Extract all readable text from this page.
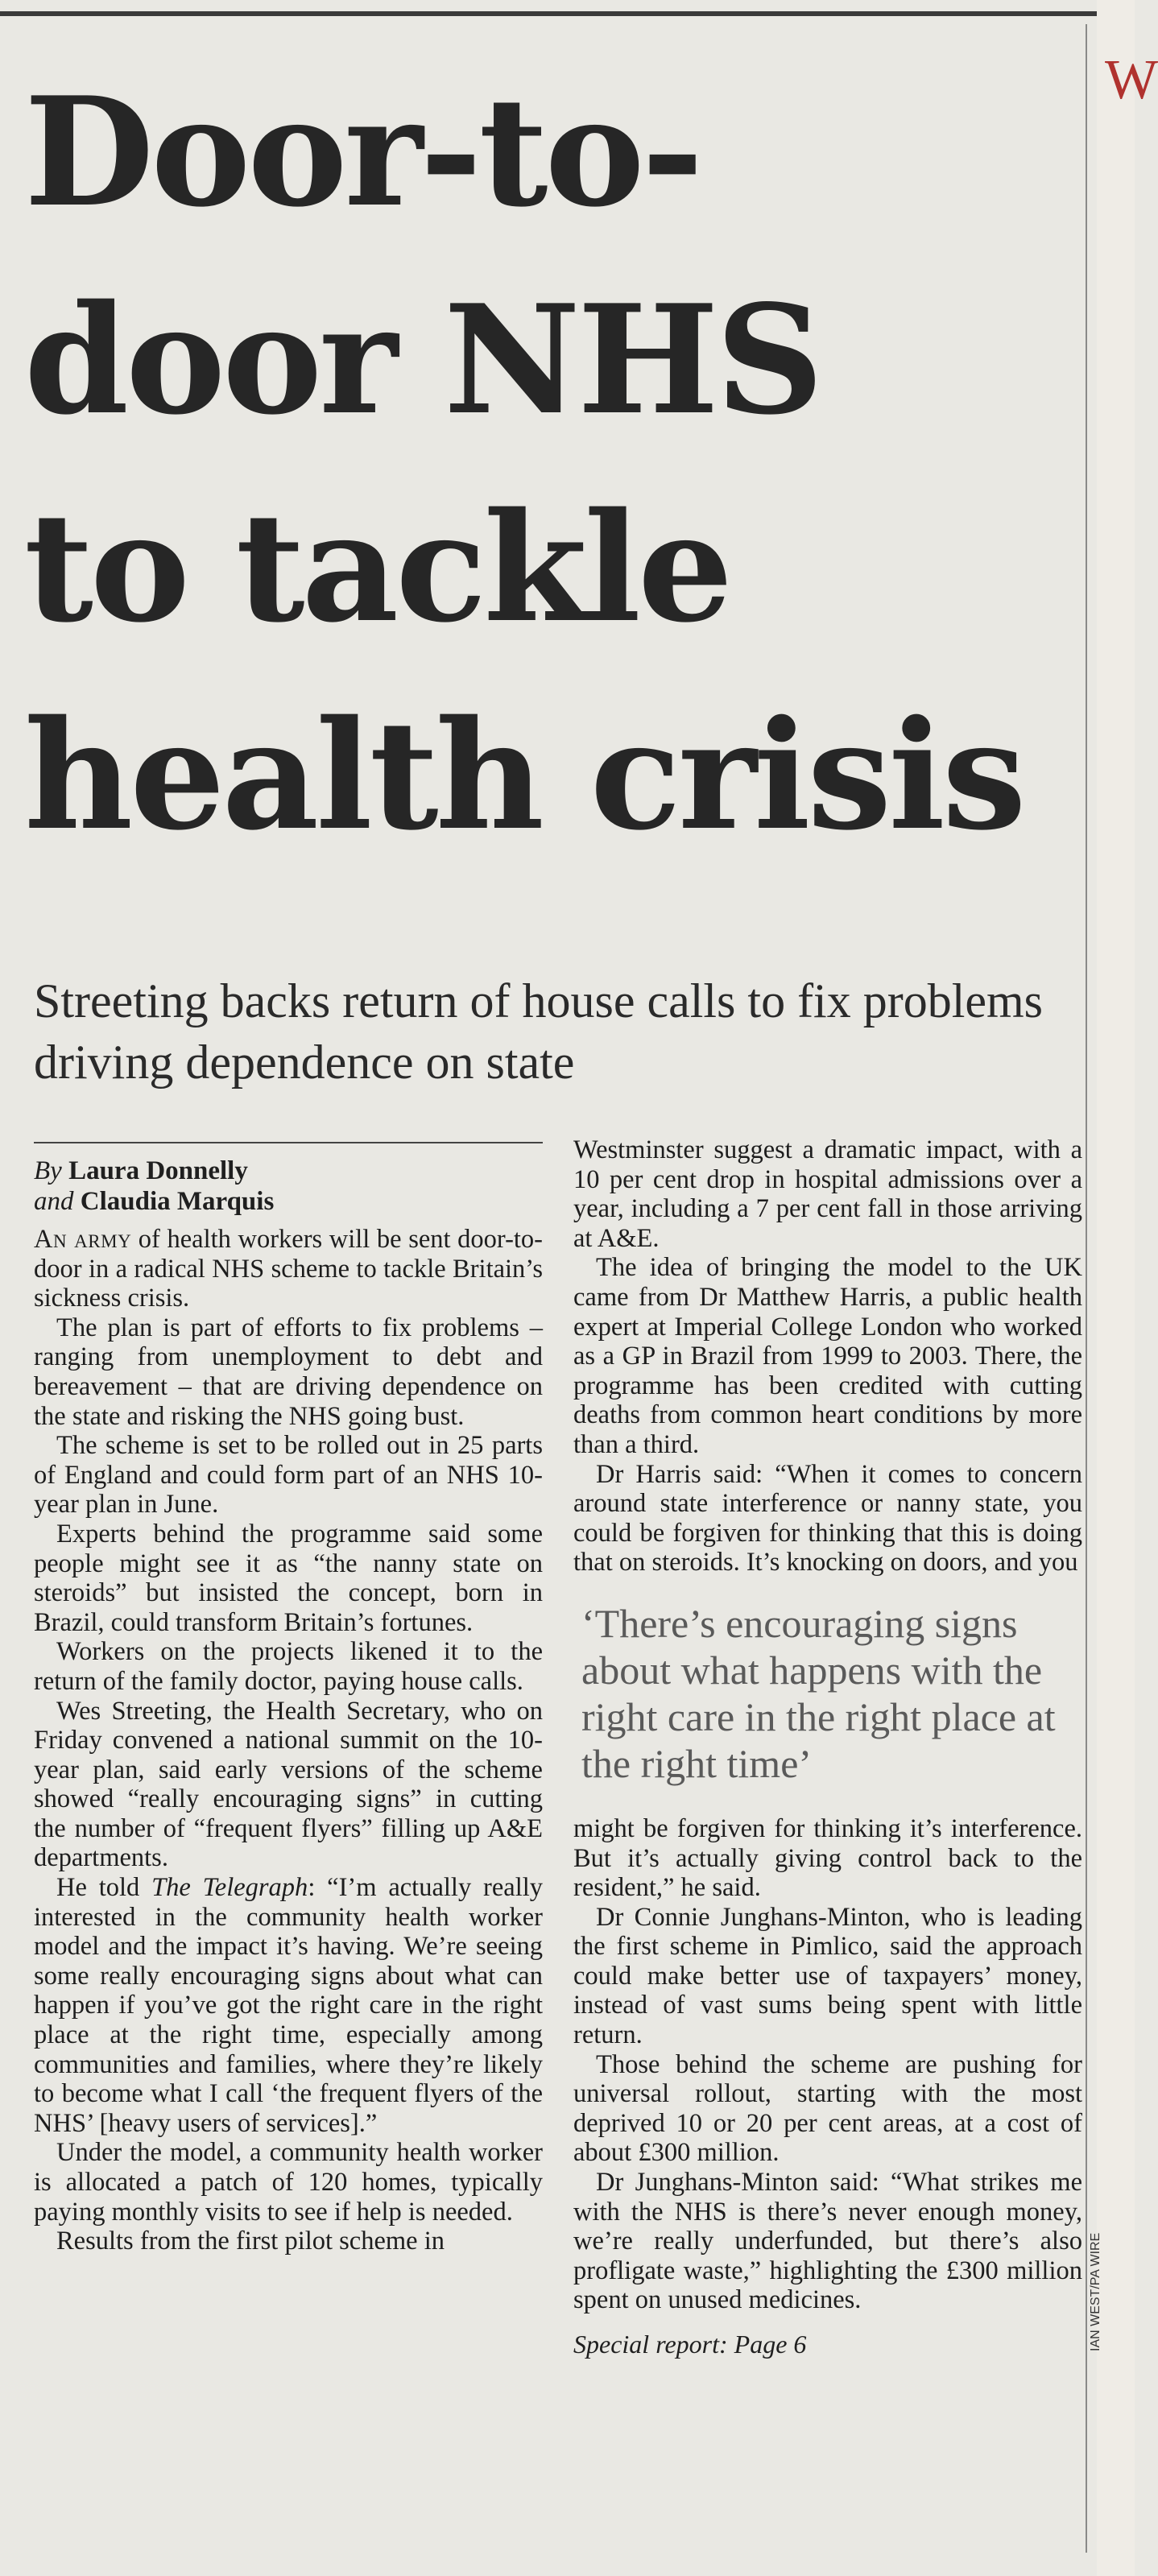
W
Door-to-
door NHS
to tackle
health crisis
Streeting backs return of house calls to fix problems driving dependence on state
By Laura Donnelly
and Claudia Marquis

An army of health workers will be sent door-to-door in a radical NHS scheme to tackle Britain’s sickness crisis.

The plan is part of efforts to fix problems – ranging from unemployment to debt and bereavement – that are driving dependence on the state and risking the NHS going bust.

The scheme is set to be rolled out in 25 parts of England and could form part of an NHS 10-year plan in June.

Experts behind the programme said some people might see it as “the nanny state on steroids” but insisted the concept, born in Brazil, could transform Britain’s fortunes.

Workers on the projects likened it to the return of the family doctor, paying house calls.

Wes Streeting, the Health Secretary, who on Friday convened a national summit on the 10-year plan, said early versions of the scheme showed “really encouraging signs” in cutting the number of “frequent flyers” filling up A&E departments.

He told The Telegraph: “I’m actually really interested in the community health worker model and the impact it’s having. We’re seeing some really encouraging signs about what can happen if you’ve got the right care in the right place at the right time, especially among communities and families, where they’re likely to become what I call ‘the frequent flyers of the NHS’ [heavy users of services].”

Under the model, a community health worker is allocated a patch of 120 homes, typically paying monthly visits to see if help is needed.

Results from the first pilot scheme in

Westminster suggest a dramatic impact, with a 10 per cent drop in hospital admissions over a year, including a 7 per cent fall in those arriving at A&E.

The idea of bringing the model to the UK came from Dr Matthew Harris, a public health expert at Imperial College London who worked as a GP in Brazil from 1999 to 2003. There, the programme has been credited with cutting deaths from common heart conditions by more than a third.

Dr Harris said: “When it comes to concern around state interference or nanny state, you could be forgiven for thinking that this is doing that on steroids. It’s knocking on doors, and you

‘There’s encouraging signs about what happens with the right care in the right place at the right time’

might be forgiven for thinking it’s interference. But it’s actually giving control back to the resident,” he said.

Dr Connie Junghans-Minton, who is leading the first scheme in Pimlico, said the approach could make better use of taxpayers’ money, instead of vast sums being spent with little return.

Those behind the scheme are pushing for universal rollout, starting with the most deprived 10 or 20 per cent areas, at a cost of about £300 million.

Dr Junghans-Minton said: “What strikes me with the NHS is there’s never enough money, we’re really underfunded, but there’s also profligate waste,” highlighting the £300 million spent on unused medicines.

Special report: Page 6	IAN WEST/PA WIRE
